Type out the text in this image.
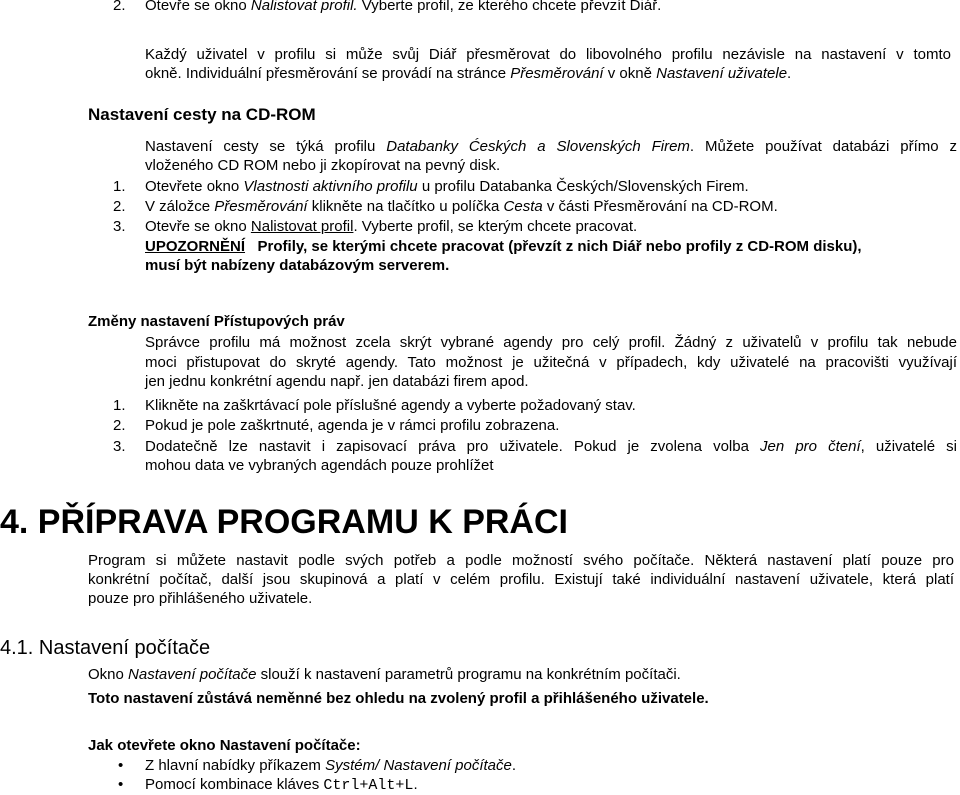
2. Otevře se okno Nalistovat profil. Vyberte profil, ze kterého chcete převzít Diář.
Každý uživatel v profilu si může svůj Diář přesměrovat do libovolného profilu nezávisle na nastavení v tomto
okně. Individuální přesměrování se provádí na stránce Přesměrování v okně Nastavení uživatele.
Nastavení cesty na CD-ROM
Nastavení cesty se týká profilu Databanky Ćeských a Slovenských Firem. Můžete používat databázi přímo z
vloženého CD ROM nebo ji zkopírovat na pevný disk.
1. Otevřete okno Vlastnosti aktivního profilu u profilu Databanka Českých/Slovenských Firem.
2. V záložce Přesměrování klikněte na tlačítko u políčka Cesta v části Přesměrování na CD-ROM.
3. Otevře se okno Nalistovat profil. Vyberte profil, se kterým chcete pracovat.
UPOZORNĚNÍ Profily, se kterými chcete pracovat (převzít z nich Diář nebo profily z CD-ROM disku),
musí být nabízeny databázovým serverem.
Změny nastavení Přístupových práv
Správce profilu má možnost zcela skrýt vybrané agendy pro celý profil. Žádný z uživatelů v profilu tak nebude
moci přistupovat do skryté agendy. Tato možnost je užitečná v případech, kdy uživatelé na pracovišti využívají
jen jednu konkrétní agendu např. jen databázi firem apod.
1. Klikněte na zaškrtávací pole příslušné agendy a vyberte požadovaný stav.
2. Pokud je pole zaškrtnuté, agenda je v rámci profilu zobrazena.
3. Dodatečně lze nastavit i zapisovací práva pro uživatele. Pokud je zvolena volba Jen pro čtení, uživatelé si
mohou data ve vybraných agendách pouze prohlížet
4. PŘÍPRAVA PROGRAMU K PRÁCI
Program si můžete nastavit podle svých potřeb a podle možností svého počítače. Některá nastavení platí pouze pro
konkrétní počítač, další jsou skupinová a platí v celém profilu. Existují také individuální nastavení uživatele, která platí
pouze pro přihlášeného uživatele.
4.1. Nastavení počítače
Okno Nastavení počítače slouží k nastavení parametrů programu na konkrétním počítači.
Toto nastavení zůstává neměnné bez ohledu na zvolený profil a přihlášeného uživatele.
Jak otevřete okno Nastavení počítače:
• Z hlavní nabídky příkazem Systém/ Nastavení počítače.
• Pomocí kombinace kláves Ctrl+Alt+L.
